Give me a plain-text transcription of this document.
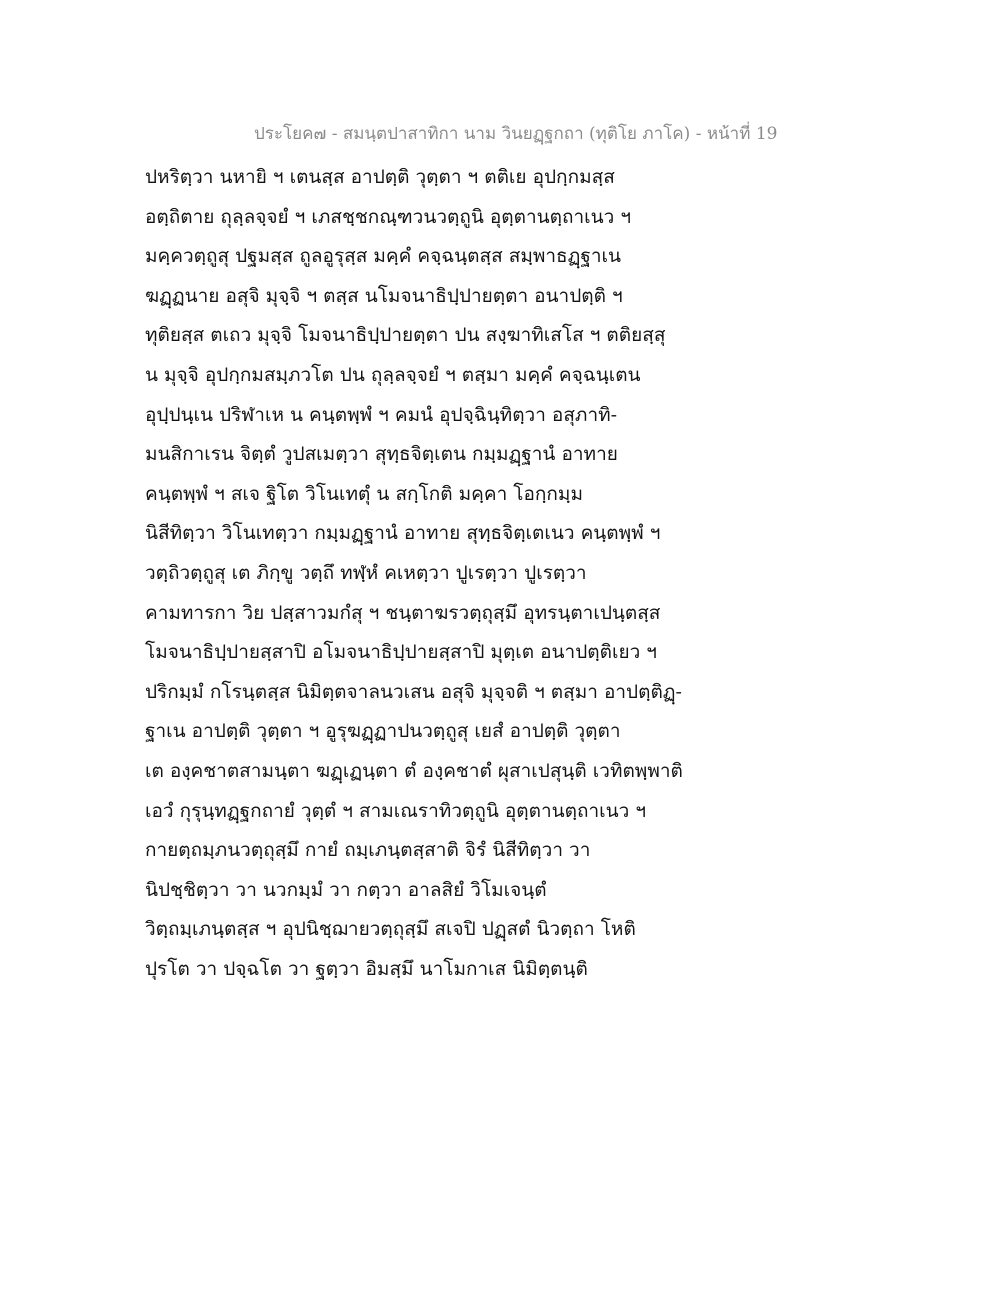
ประโยค๗ - สมนฺตปาสาทิกา นาม วินยฏฺฐกถา (ทุติโย ภาโค) - หน้าที่ 19
ปหริตฺวา นหายิ ฯ เตนสฺส อาปตฺติ วุตฺตา ฯ ตติเย อุปกฺกมสฺส
อตฺถิตาย ถุลฺลจฺจยํ ฯ เภสชฺชกณฺฑวนวตฺถูนิ อุตฺตานตฺถาเนว ฯ
มคฺควตฺถูสุ ปฐมสฺส ถูลอูรุสฺส มคฺคํ คจฺฉนฺตสฺส สมฺพาธฏฺฐาเน
ฆฏฺฏนาย อสุจิ มุจฺจิ ฯ ตสฺส นโมจนาธิปฺปายตฺตา อนาปตฺติ ฯ
ทุติยสฺส ตเถว มุจฺจิ โมจนาธิปฺปายตฺตา ปน สงฺฆาทิเสโส ฯ ตติยสฺสุ
น มุจฺจิ อุปกฺกมสมฺภวโต ปน ถุลฺลจฺจยํ ฯ ตสฺมา มคฺคํ คจฺฉนฺเตน
อุปฺปนฺเน ปริฬาเห น คนฺตพฺพํ ฯ คมนํ อุปจฺฉินฺทิตฺวา อสุภาทิ-
มนสิกาเรน จิตฺตํ วูปสเมตฺวา สุทฺธจิตฺเตน กมฺมฏฺฐานํ อาทาย
คนฺตพฺพํ ฯ สเจ ฐิโต วิโนเทตุํ น สกฺโกติ มคฺคา โอกฺกมฺม
นิสีทิตฺวา วิโนเทตฺวา กมฺมฏฺฐานํ อาทาย สุทฺธจิตฺเตเนว คนฺตพฺพํ ฯ
วตฺถิวตฺถูสุ เต ภิกฺขู วตฺถึ ทฬฺหํ คเหตฺวา ปูเรตฺวา ปูเรตฺวา
คามทารกา วิย ปสฺสาวมกํสุ ฯ ชนฺตาฆรวตฺถุสฺมึ อุทรนฺตาเปนฺตสฺส
โมจนาธิปฺปายสฺสาปิ อโมจนาธิปฺปายสฺสาปิ มุตฺเต อนาปตฺติเยว ฯ
ปริกมฺมํ กโรนฺตสฺส นิมิตฺตจาลนวเสน อสุจิ มุจฺจติ ฯ ตสฺมา อาปตฺติฏฺ-
ฐาเน อาปตฺติ วุตฺตา ฯ อูรุฆฏฺฏาปนวตฺถูสุ เยสํ อาปตฺติ วุตฺตา
เต องฺคชาตสามนฺตา ฆฏฺเฏนฺตา ตํ องฺคชาตํ ผุสาเปสุนฺติ เวทิตพฺพาติ
เอวํ กุรุนฺทฏฺฐกถายํ วุตฺตํ ฯ สามเณราทิวตฺถูนิ อุตฺตานตฺถาเนว ฯ
กายตฺถมฺภนวตฺถุสฺมึ กายํ ถมฺเภนฺตสฺสาติ จิรํ นิสีทิตฺวา วา
นิปชฺชิตฺวา วา นวกมฺมํ วา กตฺวา อาลสิยํ วิโมเจนฺตํ
วิตฺถมฺเภนฺตสฺส ฯ อุปนิชฺฌายวตฺถุสฺมึ สเจปิ ปฏฺสตํ นิวตฺถา โหติ
ปุรโต วา ปจฺฉโต วา ฐตฺวา อิมสฺมึ นาโมกาเส นิมิตฺตนฺติ
